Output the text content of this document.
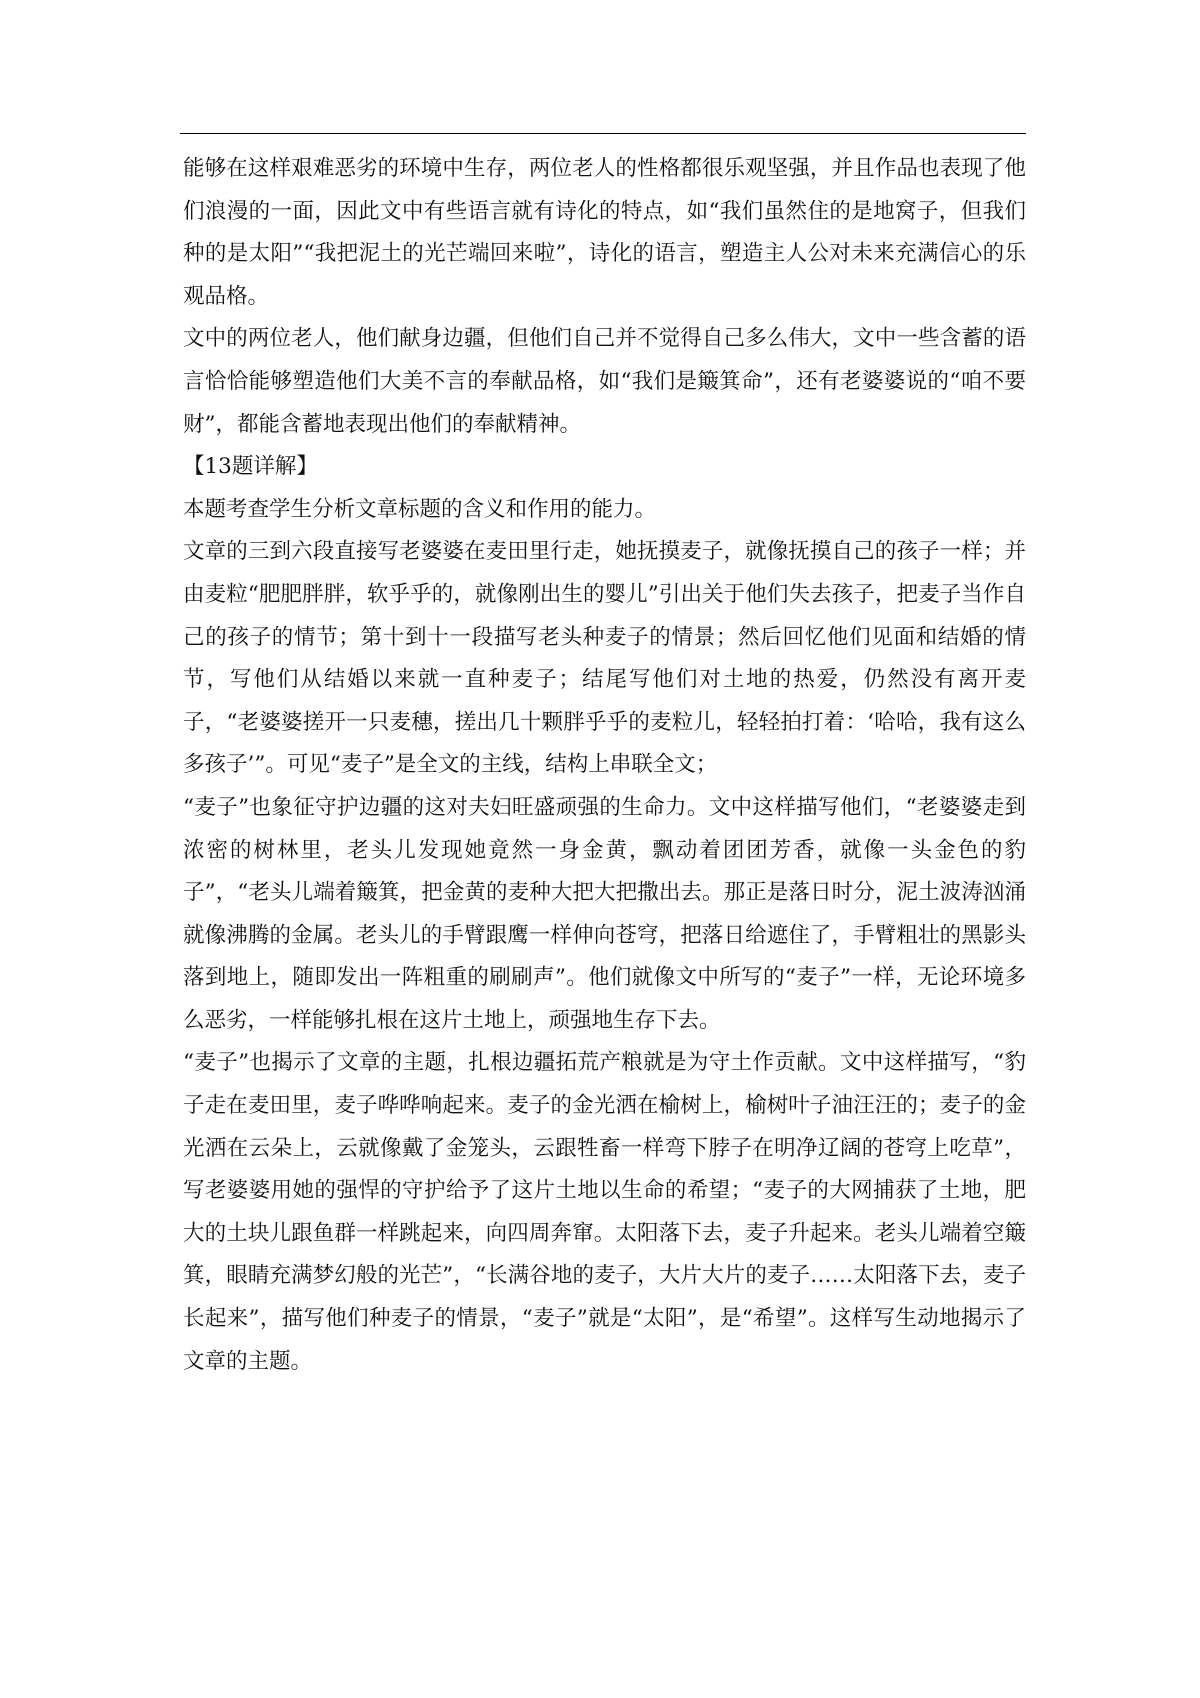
能够在这样艰难恶劣的环境中生存，两位老人的性格都很乐观坚强，并且作品也表现了他们浪漫的一面，因此文中有些语言就有诗化的特点，如“我们虽然住的是地窝子，但我们种的是太阳”“我把泥土的光芒端回来啦”，诗化的语言，塑造主人公对未来充满信心的乐观品格。

文中的两位老人，他们献身边疆，但他们自己并不觉得自己多么伟大，文中一些含蓄的语言恰恰能够塑造他们大美不言的奉献品格，如“我们是簸箕命”，还有老婆婆说的“咱不要财”，都能含蓄地表现出他们的奉献精神。

【13题详解】

本题考查学生分析文章标题的含义和作用的能力。

文章的三到六段直接写老婆婆在麦田里行走，她抚摸麦子，就像抚摸自己的孩子一样；并由麦粒“肥肥胖胖，软乎乎的，就像刚出生的婴儿”引出关于他们失去孩子，把麦子当作自己的孩子的情节；第十到十一段描写老头种麦子的情景；然后回忆他们见面和结婚的情节，写他们从结婚以来就一直种麦子；结尾写他们对土地的热爱，仍然没有离开麦子，“老婆婆搓开一只麦穗，搓出几十颗胖乎乎的麦粒儿，轻轻拍打着：‘哈哈，我有这么多孩子’”。可见“麦子”是全文的主线，结构上串联全文；

“麦子”也象征守护边疆的这对夫妇旺盛顽强的生命力。文中这样描写他们，“老婆婆走到浓密的树林里，老头儿发现她竟然一身金黄，飘动着团团芳香，就像一头金色的豹子”，“老头儿端着簸箕，把金黄的麦种大把大把撒出去。那正是落日时分，泥土波涛汹涌就像沸腾的金属。老头儿的手臂跟鹰一样伸向苍穹，把落日给遮住了，手臂粗壮的黑影头落到地上，随即发出一阵粗重的刷刷声”。他们就像文中所写的“麦子”一样，无论环境多么恶劣，一样能够扎根在这片土地上，顽强地生存下去。

“麦子”也揭示了文章的主题，扎根边疆拓荒产粮就是为守土作贡献。文中这样描写，“豹子走在麦田里，麦子哗哗响起来。麦子的金光洒在榆树上，榆树叶子油汪汪的；麦子的金光洒在云朵上，云就像戴了金笼头，云跟牲畜一样弯下脖子在明净辽阔的苍穹上吃草”，写老婆婆用她的强悍的守护给予了这片土地以生命的希望；“麦子的大网捕获了土地，肥大的土块儿跟鱼群一样跳起来，向四周奔窜。太阳落下去，麦子升起来。老头儿端着空簸箕，眼睛充满梦幻般的光芒”，“长满谷地的麦子，大片大片的麦子……太阳落下去，麦子长起来”，描写他们种麦子的情景，“麦子”就是“太阳”，是“希望”。这样写生动地揭示了文章的主题。
